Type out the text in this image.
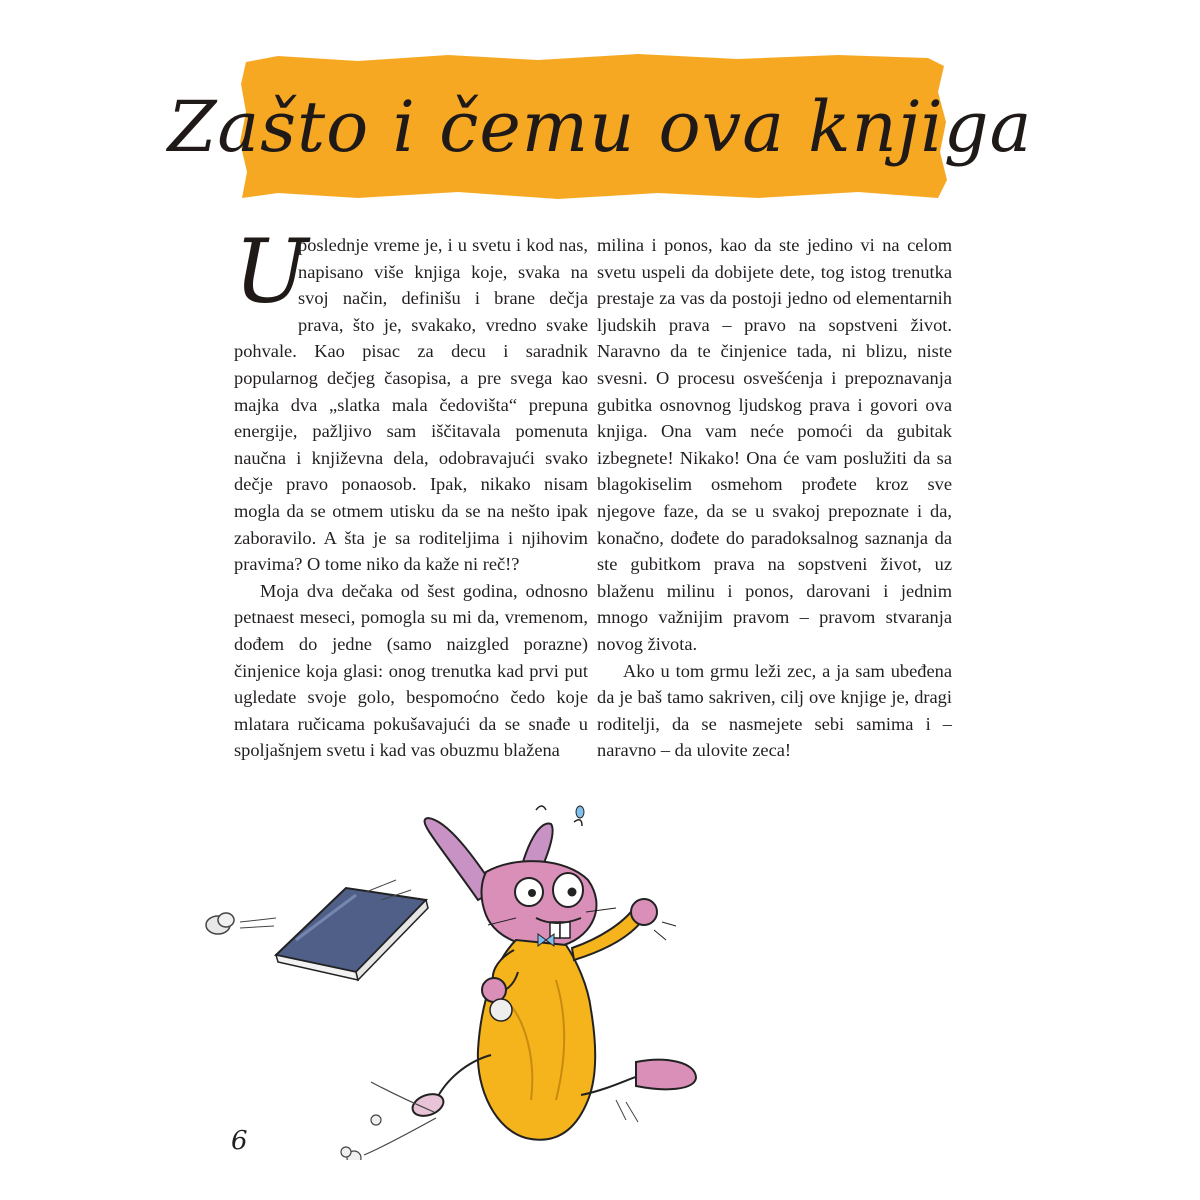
Zašto i čemu ova knjiga

U
poslednje vreme je, i u svetu i kod nas, napisano više knjiga koje, svaka na svoj način, definišu i brane dečja prava, što je, svakako, vredno svake pohvale. Kao pisac za decu i saradnik popularnog dečjeg časopisa, a pre svega kao majka dva „slatka mala čedovišta“ prepuna energije, pažljivo sam iščitavala pomenuta naučna i književna dela, odobravajući svako dečje pravo ponaosob. Ipak, nikako nisam mogla da se otmem utisku da se na nešto ipak zaboravilo. A šta je sa roditeljima i njihovim pravima? O tome niko da kaže ni reč!?

Moja dva dečaka od šest godina, odnosno petnaest meseci, pomogla su mi da, vremenom, dođem do jedne (samo naizgled porazne) činjenice koja glasi: onog trenutka kad prvi put ugledate svoje golo, bespomoćno čedo koje mlatara ručicama pokušavajući da se snađe u spoljašnjem svetu i kad vas obuzmu blažena

milina i ponos, kao da ste jedino vi na celom svetu uspeli da dobijete dete, tog istog trenutka prestaje za vas da postoji jedno od elementarnih ljudskih prava – pravo na sopstveni život. Naravno da te činjenice tada, ni blizu, niste svesni. O procesu osvešćenja i prepoznavanja gubitka osnovnog ljudskog prava i govori ova knjiga. Ona vam neće pomoći da gubitak izbegnete! Nikako! Ona će vam poslužiti da sa blagokiselim osmehom prođete kroz sve njegove faze, da se u svakoj prepoznate i da, konačno, dođete do paradoksalnog saznanja da ste gubitkom prava na sopstveni život, uz blaženu milinu i ponos, darovani i jednim mnogo važnijim pravom – pravom stvaranja novog života.

Ako u tom grmu leži zec, a ja sam ubeđena da je baš tamo sakriven, cilj ove knjige je, dragi roditelji, da se nasmejete sebi samima i – naravno – da ulovite zeca!

6
